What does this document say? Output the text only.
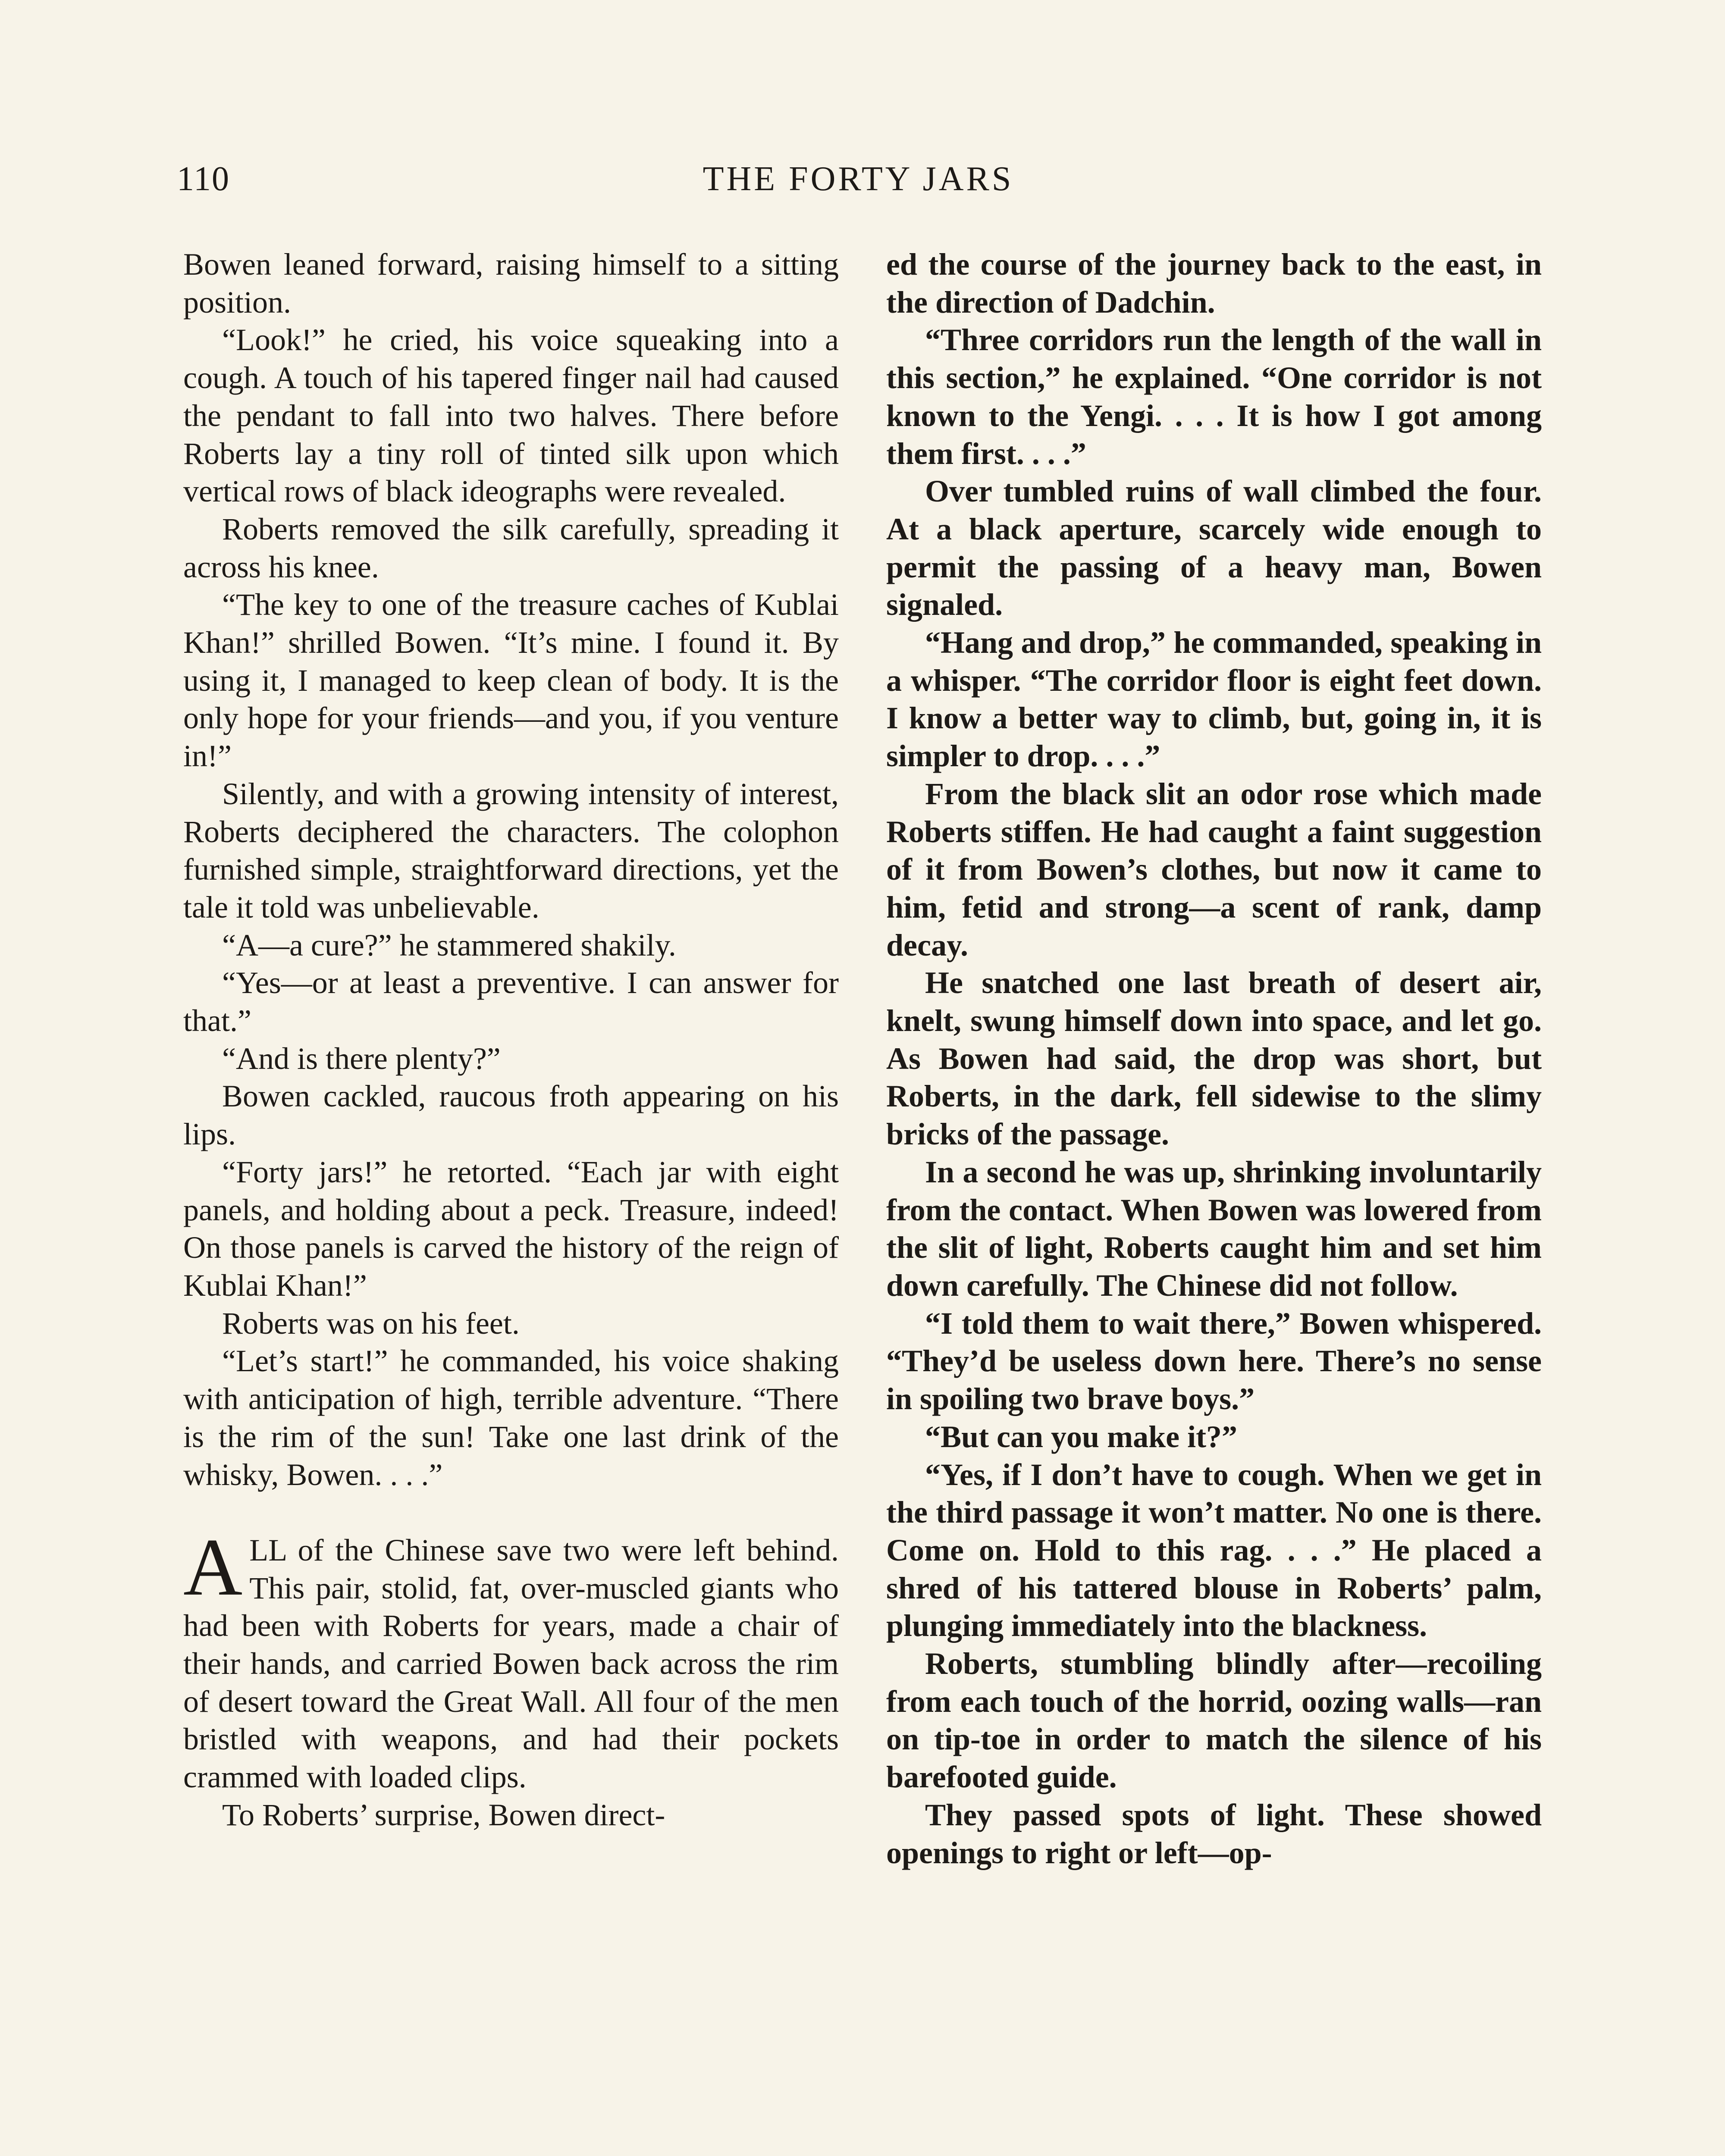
110	THE FORTY JARS

Bowen leaned forward, raising himself to a sitting position.

“Look!” he cried, his voice squeaking into a cough. A touch of his tapered finger nail had caused the pendant to fall into two halves. There before Roberts lay a tiny roll of tinted silk upon which vertical rows of black ideographs were revealed.

Roberts removed the silk carefully, spreading it across his knee.

“The key to one of the treasure caches of Kublai Khan!” shrilled Bowen. “It’s mine. I found it. By using it, I managed to keep clean of body. It is the only hope for your friends—and you, if you venture in!”

Silently, and with a growing intensity of interest, Roberts deciphered the characters. The colophon furnished simple, straightforward directions, yet the tale it told was unbelievable.

“A—a cure?” he stammered shakily.

“Yes—or at least a preventive. I can answer for that.”

“And is there plenty?”

Bowen cackled, raucous froth appearing on his lips.

“Forty jars!” he retorted. “Each jar with eight panels, and holding about a peck. Treasure, indeed! On those panels is carved the history of the reign of Kublai Khan!”

Roberts was on his feet.

“Let’s start!” he commanded, his voice shaking with anticipation of high, terrible adventure. “There is the rim of the sun! Take one last drink of the whisky, Bowen. . . .”

ALL of the Chinese save two were left behind. This pair, stolid, fat, over-muscled giants who had been with Roberts for years, made a chair of their hands, and carried Bowen back across the rim of desert toward the Great Wall. All four of the men bristled with weapons, and had their pockets crammed with loaded clips.

To Roberts’ surprise, Bowen direct-

ed the course of the journey back to the east, in the direction of Dadchin.

“Three corridors run the length of the wall in this section,” he explained. “One corridor is not known to the Yengi. . . . It is how I got among them first. . . .”

Over tumbled ruins of wall climbed the four. At a black aperture, scarcely wide enough to permit the passing of a heavy man, Bowen signaled.

“Hang and drop,” he commanded, speaking in a whisper. “The corridor floor is eight feet down. I know a better way to climb, but, going in, it is simpler to drop. . . .”

From the black slit an odor rose which made Roberts stiffen. He had caught a faint suggestion of it from Bowen’s clothes, but now it came to him, fetid and strong—a scent of rank, damp decay.

He snatched one last breath of desert air, knelt, swung himself down into space, and let go. As Bowen had said, the drop was short, but Roberts, in the dark, fell sidewise to the slimy bricks of the passage.

In a second he was up, shrinking involuntarily from the contact. When Bowen was lowered from the slit of light, Roberts caught him and set him down carefully. The Chinese did not follow.

“I told them to wait there,” Bowen whispered. “They’d be useless down here. There’s no sense in spoiling two brave boys.”

“But can you make it?”

“Yes, if I don’t have to cough. When we get in the third passage it won’t matter. No one is there. Come on. Hold to this rag. . . .” He placed a shred of his tattered blouse in Roberts’ palm, plunging immediately into the blackness.

Roberts, stumbling blindly after—recoiling from each touch of the horrid, oozing walls—ran on tip-toe in order to match the silence of his barefooted guide.

They passed spots of light. These showed openings to right or left—op-
